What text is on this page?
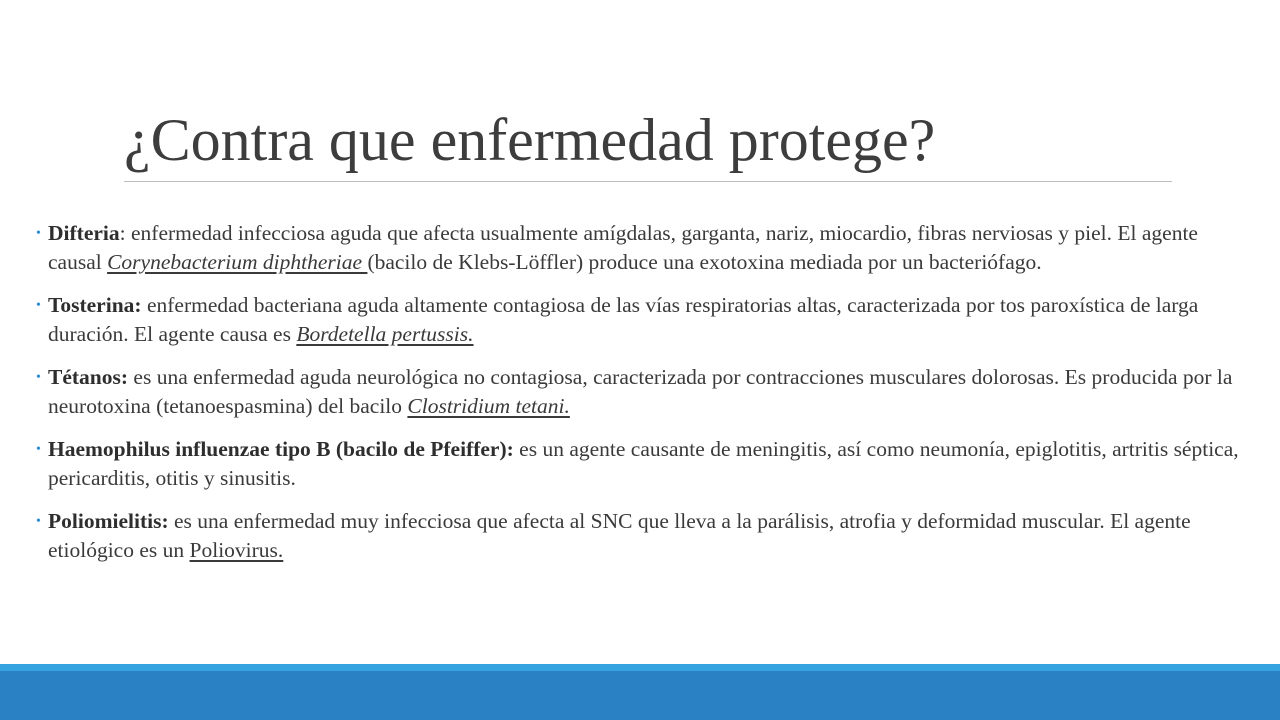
¿Contra que enfermedad protege?
• Difteria: enfermedad infecciosa aguda que afecta usualmente amígdalas, garganta, nariz, miocardio, fibras nerviosas y piel. El agente causal Corynebacterium diphtheriae (bacilo de Klebs-Löffler) produce una exotoxina mediada por un bacteriófago.
• Tosterina: enfermedad bacteriana aguda altamente contagiosa de las vías respiratorias altas, caracterizada por tos paroxística de larga duración. El agente causa es Bordetella pertussis.
• Tétanos: es una enfermedad aguda neurológica no contagiosa, caracterizada por contracciones musculares dolorosas. Es producida por la neurotoxina (tetanoespasmina) del bacilo Clostridium tetani.
• Haemophilus influenzae tipo B (bacilo de Pfeiffer): es un agente causante de meningitis, así como neumonía, epiglotitis, artritis séptica, pericarditis, otitis y sinusitis.
• Poliomielitis: es una enfermedad muy infecciosa que afecta al SNC que lleva a la parálisis, atrofia y deformidad muscular. El agente etiológico es un Poliovirus.
